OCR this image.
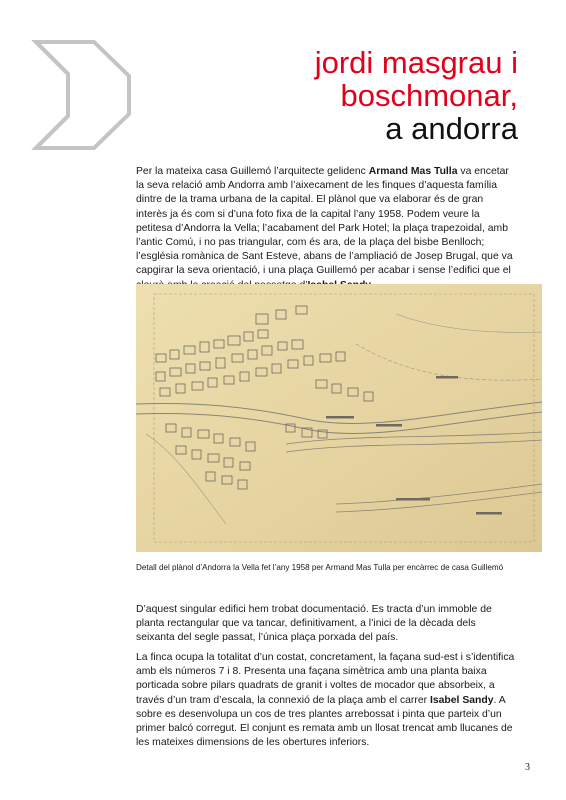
jordi masgrau i
boschmonar,
a andorra

Per la mateixa casa Guillemó l’arquitecte gelidenc Armand Mas Tulla va encetar la seva relació amb Andorra amb l’aixecament de les finques d’aquesta família dintre de la trama urbana de la capital. El plànol que va elaborar és de gran interès ja és com si d’una foto fixa de la capital l’any 1958. Podem veure la petitesa d’Andorra la Vella; l’acabament del Park Hotel; la plaça trapezoidal, amb l’antic Comú, i no pas triangular, com és ara, de la plaça del bisbe Benlloch; l’església romànica de Sant Esteve, abans de l’ampliació de Josep Brugal, que va capgirar la seva orientació, i una plaça Guillemó per acabar i sense l’edifici que el

Detall del plànol d’Andorra la Vella fet l’any 1958 per Armand Mas Tulla per encàrrec de casa Guillemó

D’aquest singular edifici hem trobat documentació. Es tracta d’un immoble de planta rectangular que va tancar, definitivament, a l’inici de la dècada dels seixanta del segle passat, l’única plaça porxada del país.

La finca ocupa la totalitat d’un costat, concretament, la façana sud-est i s’identifica amb els números 7 i 8. Presenta una façana simètrica amb una planta baixa porticada sobre pilars quadrats de granit i voltes de mocador que absorbeix, a través d’un tram d’escala, la connexió de la plaça amb el carrer Isabel Sandy. A sobre es desenvolupa un cos de tres plantes arrebossat i pinta que parteix d’un primer balcó corregut. El conjunt es remata amb un llosat trencat amb llucanes de les mateixes dimensions de les obertures inferiors.

3
